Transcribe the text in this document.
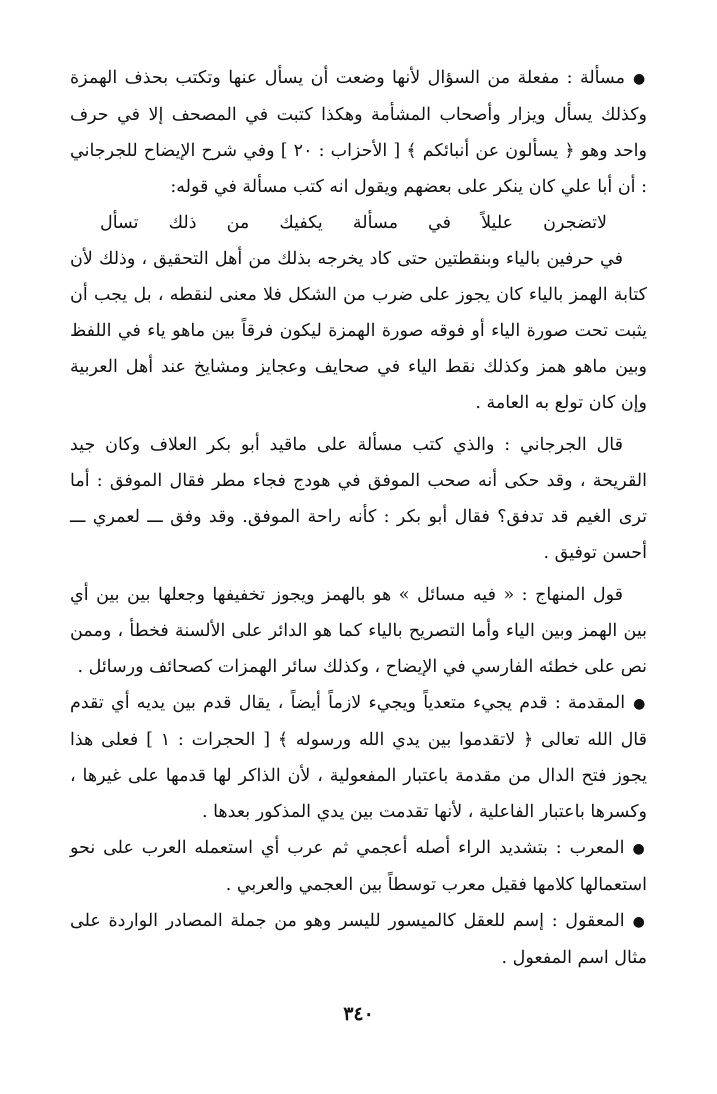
●مسألة : مفعلة من السؤال لأنها وضعت أن يسأل عنها وتكتب بحذف الهمزة وكذلك يسأل ويزار وأصحاب المشأمة وهكذا كتبت في المصحف إلا في حرف واحد وهو ﴿ يسألون عن أنبائكم ﴾ [ الأحزاب : ٢٠ ] وفي شرح الإيضاح للجرجاني : أن أبا علي كان ينكر على بعضهم ويقول انه كتب مسألة في قوله:

لاتضجرن
عليلاً
في
مسألة
يكفيك
من
ذلك
تسأل

في حرفين بالياء وبنقطتين حتى كاد يخرجه بذلك من أهل التحقيق ، وذلك لأن كتابة الهمز بالياء كان يجوز على ضرب من الشكل فلا معنى لنقطه ، بل يجب أن يثبت تحت صورة الياء أو فوقه صورة الهمزة ليكون فرقاً بين ماهو ياء في اللفظ وبين ماهو همز وكذلك نقط الياء في صحايف وعجايز ومشايخ عند أهل العربية وإن كان تولع به العامة .

قال الجرجاني : والذي كتب مسألة على ماقيد أبو بكر العلاف وكان جيد القريحة ، وقد حكى أنه صحب الموفق في هودج فجاء مطر فقال الموفق : أما ترى الغيم قد تدفق؟ فقال أبو بكر : كأنه راحة الموفق. وقد وفق ـــ لعمري ـــ أحسن توفيق .

قول المنهاج : « فيه مسائل » هو بالهمز ويجوز تخفيفها وجعلها بين بين أي بين الهمز وبين الياء وأما التصريح بالياء كما هو الدائر على الألسنة فخطأ ، وممن نص على خطئه الفارسي في الإيضاح ، وكذلك سائر الهمزات كصحائف ورسائل .

●المقدمة : قدم يجيء متعدياً ويجيء لازماً أيضاً ، يقال قدم بين يديه أي تقدم قال الله تعالى ﴿ لاتقدموا بين يدي الله ورسوله ﴾ [ الحجرات : ١ ] فعلى هذا يجوز فتح الدال من مقدمة باعتبار المفعولية ، لأن الذاكر لها قدمها على غيرها ، وكسرها باعتبار الفاعلية ، لأنها تقدمت بين يدي المذكور بعدها .

●المعرب : بتشديد الراء أصله أعجمي ثم عرب أي استعمله العرب على نحو استعمالها كلامها فقيل معرب توسطاً بين العجمي والعربي .

●المعقول : إسم للعقل كالميسور لليسر وهو من جملة المصادر الواردة على مثال اسم المفعول .

٣٤٠
